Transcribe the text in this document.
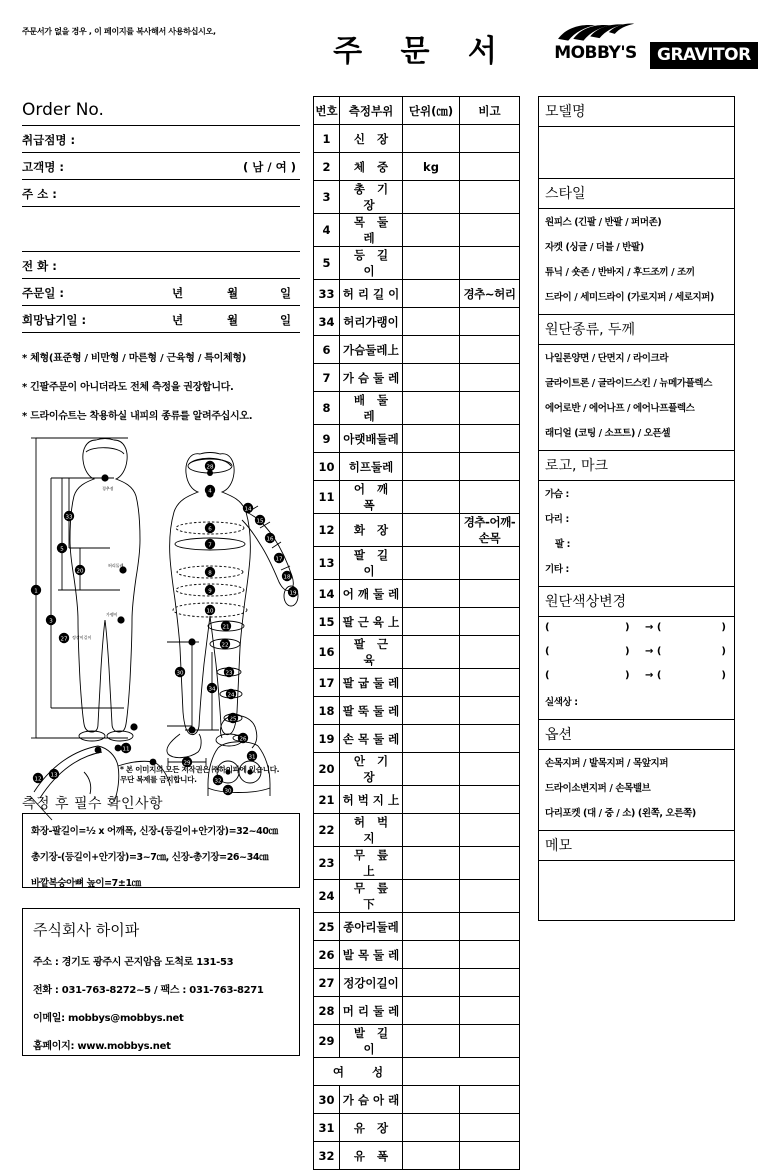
주문서가 없을 경우 , 이 페이지를 복사해서 사용하십시오,
주 문 서	MOBBY'S	GRAVITOR
Order No.
취급점명 :
고객명 :	( 남 / 여 )
주 소 :
전 화 :
주문일 :	년	월	일
희망납기일 :	년	월	일
* 체형(표준형 / 비만형 / 마른형 / 근육형 / 특이체형)
* 긴팔주문이 아니더라도 전체 측정을 권장합니다.
* 드라이슈트는 착용하실 내피의 종류를 알려주십시오.
1
3
5
33
20
27
경추점
허리둘레
가랭이
정강이길이
28
4
6
7
8
9
10
21
22
23
24
25
26
29
34
14
15
16
17
18
19
30
12
13
11
31
32
30
* 본 이미지의 모든 저작권은 ㈜하이파에 있습니다.
무단 복제를 금지합니다.
측정 후 필수 확인사항
화장-팔길이=½ x 어깨폭, 신장-(등길이+안기장)=32~40㎝
총기장-(등길이+안기장)=3~7㎝, 신장-총기장=26~34㎝
바깥복숭아뼈 높이=7±1㎝
주식회사 하이파
주소 : 경기도 광주시 곤지암읍 도척로 131-53
전화 : 031-763-8272~5 / 팩스 : 031-763-8271
이메일: mobbys@mobbys.net
홈페이지: www.mobbys.net
번호	측정부위	단위(㎝)	비고
1	신 장		
2	체 중	kg	
3	총 기 장		
4	목 둘 레		
5	등 길 이		
33	허 리 길 이		경추~허리
34	허리가랭이		
6	가슴둘레上		
7	가 슴 둘 레		
8	배 둘 레		
9	아랫배둘레		
10	히프둘레		
11	어 깨 폭		
12	화 장		경추-어깨-손목
13	팔 길 이		
14	어 깨 둘 레		
15	팔 근 육 上		
16	팔 근 육		
17	팔 굽 둘 레		
18	팔 뚝 둘 레		
19	손 목 둘 레		
20	안 기 장		
21	허 벅 지 上		
22	허 벅 지		
23	무 릎 上		
24	무 릎 下		
25	종아리둘레		
26	발 목 둘 레		
27	정강이길이		
28	머 리 둘 레		
29	발 길 이		
여 성			
30	가 슴 아 래		
31	유 장		
32	유 폭		
모델명
스타일
원피스 (긴팔 / 반팔 / 퍼머존)
자켓 (싱글 / 더블 / 반팔)
튜닉 / 숏존 / 반바지 / 후드조끼 / 조끼
드라이 / 세미드라이 (가로지퍼 / 세로지퍼)
원단종류, 두께
나일론양면 / 단면지 / 라이크라
글라이트론 / 글라이드스킨 / 뉴메가플렉스
에어로반 / 에어나프 / 에어나프플렉스
래디얼 (코팅 / 소프트) / 오픈셀
로고, 마크
가슴 :
다리 :
팔 :
기타 :
원단색상변경
(	) → (	)
(	) → (	)
(	) → (	)
실색상 :
옵션
손목지퍼 / 발목지퍼 / 목앞지퍼
드라이소변지퍼 / 손목밸브
다리포켓 (대 / 중 / 소) (왼쪽, 오른쪽)
메모
